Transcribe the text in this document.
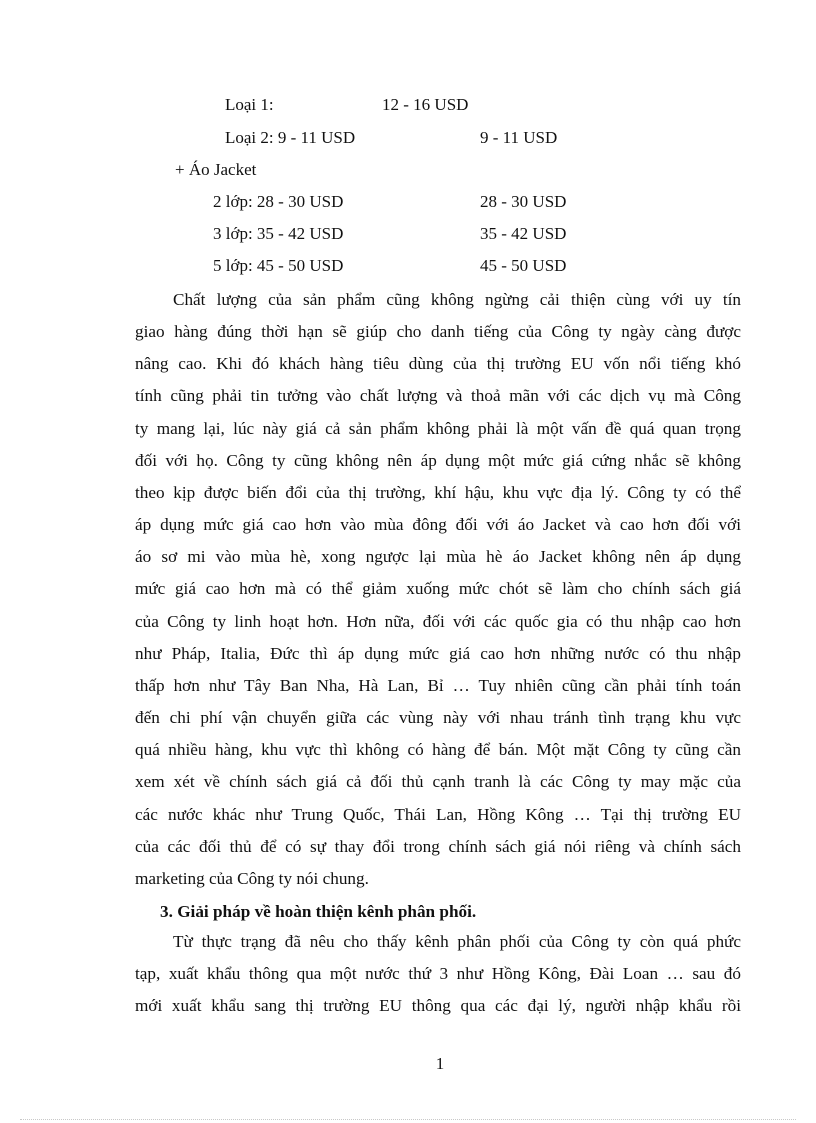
Loại 1:	12 - 16 USD
Loại 2: 9 - 11 USD	9 - 11 USD
+ Áo Jacket
2 lớp: 28 - 30 USD	28 - 30 USD
3 lớp: 35 - 42 USD	35 - 42 USD
5 lớp: 45 - 50 USD	45 - 50 USD

Chất lượng của sản phẩm cũng không ngừng cải thiện cùng với uy tín

giao hàng đúng thời hạn sẽ giúp cho danh tiếng của Công ty ngày càng được

nâng cao. Khi đó khách hàng tiêu dùng của thị trường EU vốn nổi tiếng khó

tính cũng phải tin tưởng vào chất lượng và thoả mãn với các dịch vụ mà Công

ty mang lại, lúc này giá cả sản phẩm không phải là một vấn đề quá quan trọng

đối với họ. Công ty cũng không nên áp dụng một mức giá cứng nhắc sẽ không

theo kịp được biến đổi của thị trường, khí hậu, khu vực địa lý. Công ty có thể

áp dụng mức giá cao hơn vào mùa đông đối với áo Jacket và cao hơn đối với

áo sơ mi vào mùa hè, xong ngược lại mùa hè áo Jacket không nên áp dụng

mức giá cao hơn mà có thể giảm xuống mức chót sẽ làm cho chính sách giá

của Công ty linh hoạt hơn. Hơn nữa, đối với các quốc gia có thu nhập cao hơn

như Pháp, Italia, Đức thì áp dụng mức giá cao hơn những nước có thu nhập

thấp hơn như Tây Ban Nha, Hà Lan, Bỉ … Tuy nhiên cũng cần phải tính toán

đến chi phí vận chuyển giữa các vùng này với nhau tránh tình trạng khu vực

quá nhiều hàng, khu vực thì không có hàng để bán. Một mặt Công ty cũng cần

xem xét về chính sách giá cả đối thủ cạnh tranh là các Công ty may mặc của

các nước khác như Trung Quốc, Thái Lan, Hồng Kông … Tại thị trường EU

của các đối thủ để có sự thay đổi trong chính sách giá nói riêng và chính sách

marketing của Công ty nói chung.

3. Giải pháp về hoàn thiện kênh phân phối.

Từ thực trạng đã nêu cho thấy kênh phân phối của Công ty còn quá phức

tạp, xuất khẩu thông qua một nước thứ 3 như Hồng Kông, Đài Loan … sau đó

mới xuất khẩu sang thị trường EU thông qua các đại lý, người nhập khẩu rồi

1
